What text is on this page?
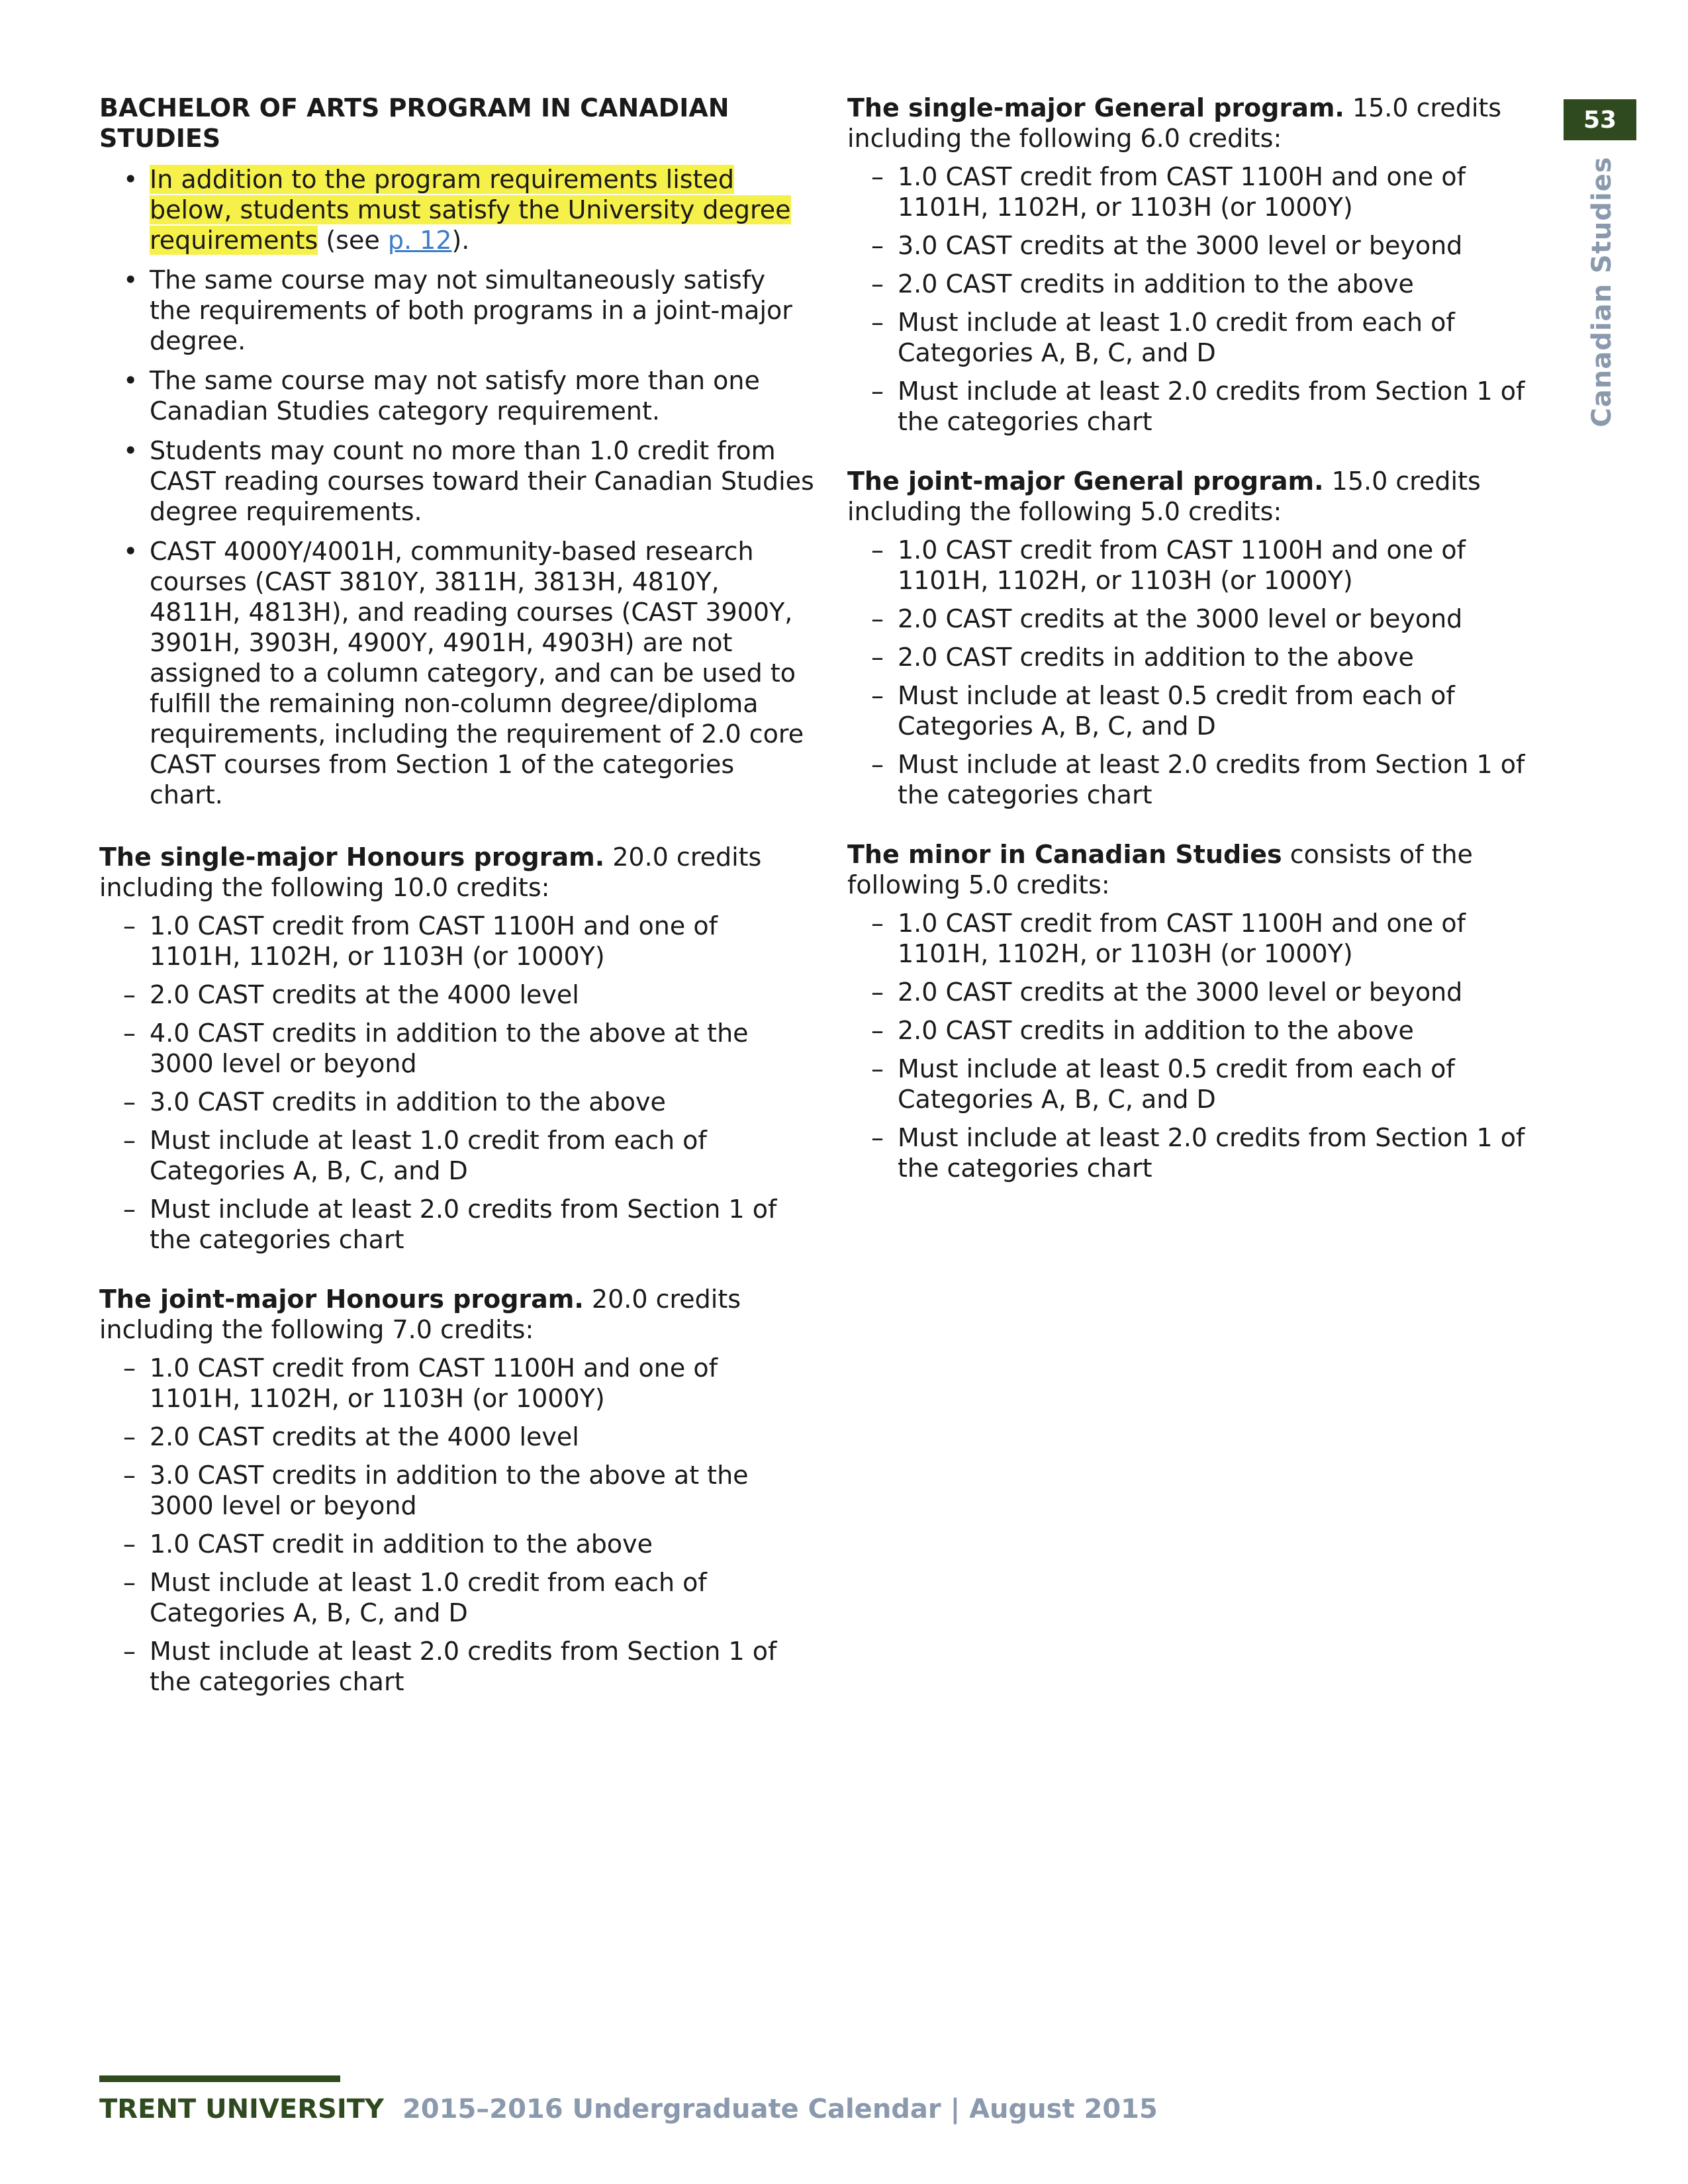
53
Canadian Studies
BACHELOR OF ARTS PROGRAM IN CANADIAN STUDIES
• In addition to the program requirements listed below, students must satisfy the University degree requirements (see p. 12).
• The same course may not simultaneously satisfy the requirements of both programs in a joint-major degree.
• The same course may not satisfy more than one Canadian Studies category requirement.
• Students may count no more than 1.0 credit from CAST reading courses toward their Canadian Studies degree requirements.
• CAST 4000Y/4001H, community-based research courses (CAST 3810Y, 3811H, 3813H, 4810Y, 4811H, 4813H), and reading courses (CAST 3900Y, 3901H, 3903H, 4900Y, 4901H, 4903H) are not assigned to a column category, and can be used to fulfill the remaining non-column degree/diploma requirements, including the requirement of 2.0 core CAST courses from Section 1 of the categories chart.
The single-major Honours program. 20.0 credits including the following 10.0 credits:
– 1.0 CAST credit from CAST 1100H and one of 1101H, 1102H, or 1103H (or 1000Y)
– 2.0 CAST credits at the 4000 level
– 4.0 CAST credits in addition to the above at the 3000 level or beyond
– 3.0 CAST credits in addition to the above
– Must include at least 1.0 credit from each of Categories A, B, C, and D
– Must include at least 2.0 credits from Section 1 of the categories chart
The joint-major Honours program. 20.0 credits including the following 7.0 credits:
– 1.0 CAST credit from CAST 1100H and one of 1101H, 1102H, or 1103H (or 1000Y)
– 2.0 CAST credits at the 4000 level
– 3.0 CAST credits in addition to the above at the 3000 level or beyond
– 1.0 CAST credit in addition to the above
– Must include at least 1.0 credit from each of Categories A, B, C, and D
– Must include at least 2.0 credits from Section 1 of the categories chart
The single-major General program. 15.0 credits including the following 6.0 credits:
– 1.0 CAST credit from CAST 1100H and one of 1101H, 1102H, or 1103H (or 1000Y)
– 3.0 CAST credits at the 3000 level or beyond
– 2.0 CAST credits in addition to the above
– Must include at least 1.0 credit from each of Categories A, B, C, and D
– Must include at least 2.0 credits from Section 1 of the categories chart
The joint-major General program. 15.0 credits including the following 5.0 credits:
– 1.0 CAST credit from CAST 1100H and one of 1101H, 1102H, or 1103H (or 1000Y)
– 2.0 CAST credits at the 3000 level or beyond
– 2.0 CAST credits in addition to the above
– Must include at least 0.5 credit from each of Categories A, B, C, and D
– Must include at least 2.0 credits from Section 1 of the categories chart
The minor in Canadian Studies consists of the following 5.0 credits:
– 1.0 CAST credit from CAST 1100H and one of 1101H, 1102H, or 1103H (or 1000Y)
– 2.0 CAST credits at the 3000 level or beyond
– 2.0 CAST credits in addition to the above
– Must include at least 0.5 credit from each of Categories A, B, C, and D
– Must include at least 2.0 credits from Section 1 of the categories chart
TRENT UNIVERSITY 2015–2016 Undergraduate Calendar | August 2015
